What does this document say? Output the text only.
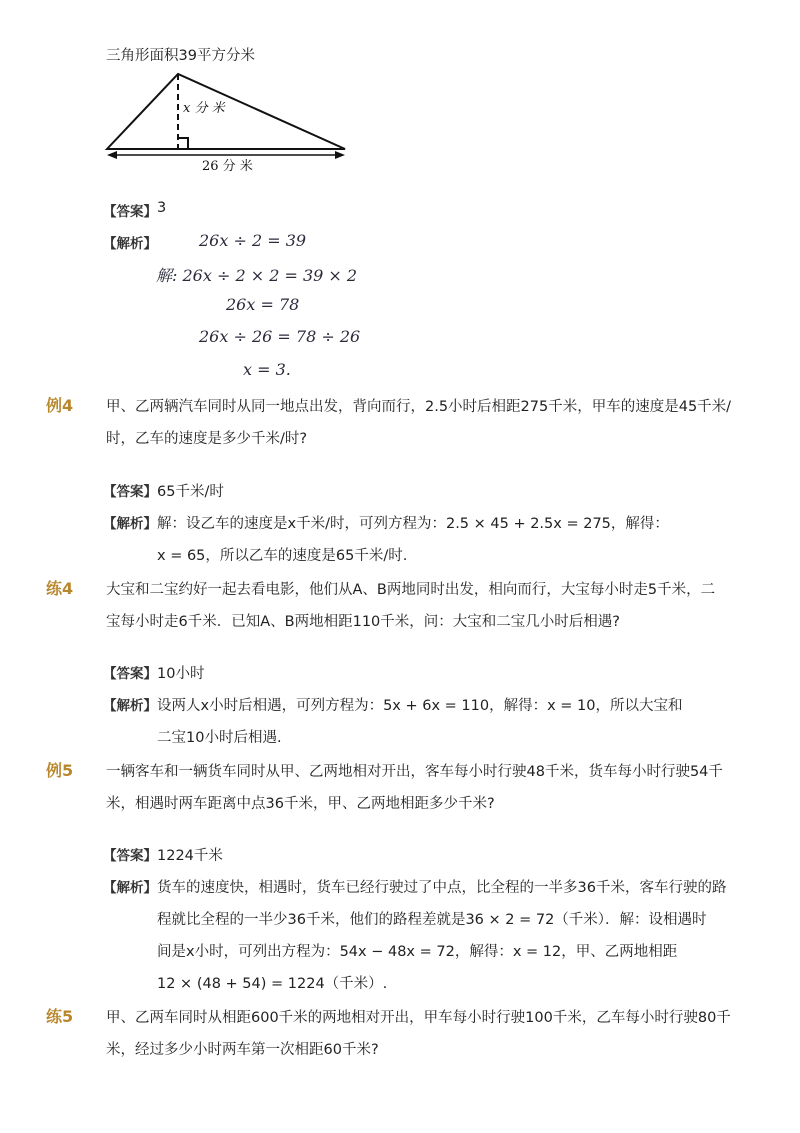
三角形面积39平方分米
x 分 米
26 分 米
【答案】 3
【解析】	26x ÷ 2 = 39
解: 26x ÷ 2 × 2 = 39 × 2
26x = 78
26x ÷ 26 = 78 ÷ 26
x = 3.
例4 甲、乙两辆汽车同时从同一地点出发，背向而行，2.5小时后相距275千米，甲车的速度是45千米/
时，乙车的速度是多少千米/时?
【答案】 65千米/时
【解析】 解：设乙车的速度是x千米/时，可列方程为：2.5 × 45 + 2.5x = 275，解得：
x = 65，所以乙车的速度是65千米/时.
练4 大宝和二宝约好一起去看电影，他们从A、B两地同时出发，相向而行，大宝每小时走5千米，二
宝每小时走6千米．已知A、B两地相距110千米，问：大宝和二宝几小时后相遇?
【答案】 10小时
【解析】 设两人x小时后相遇，可列方程为：5x + 6x = 110，解得：x = 10，所以大宝和
二宝10小时后相遇.
例5 一辆客车和一辆货车同时从甲、乙两地相对开出，客车每小时行驶48千米，货车每小时行驶54千
米，相遇时两车距离中点36千米，甲、乙两地相距多少千米?
【答案】 1224千米
【解析】 货车的速度快，相遇时，货车已经行驶过了中点，比全程的一半多36千米，客车行驶的路
程就比全程的一半少36千米，他们的路程差就是36 × 2 = 72（千米）．解：设相遇时
间是x小时，可列出方程为：54x − 48x = 72，解得：x = 12，甲、乙两地相距
12 × (48 + 54) = 1224（千米）.
练5 甲、乙两车同时从相距600千米的两地相对开出，甲车每小时行驶100千米，乙车每小时行驶80千
米，经过多少小时两车第一次相距60千米?
